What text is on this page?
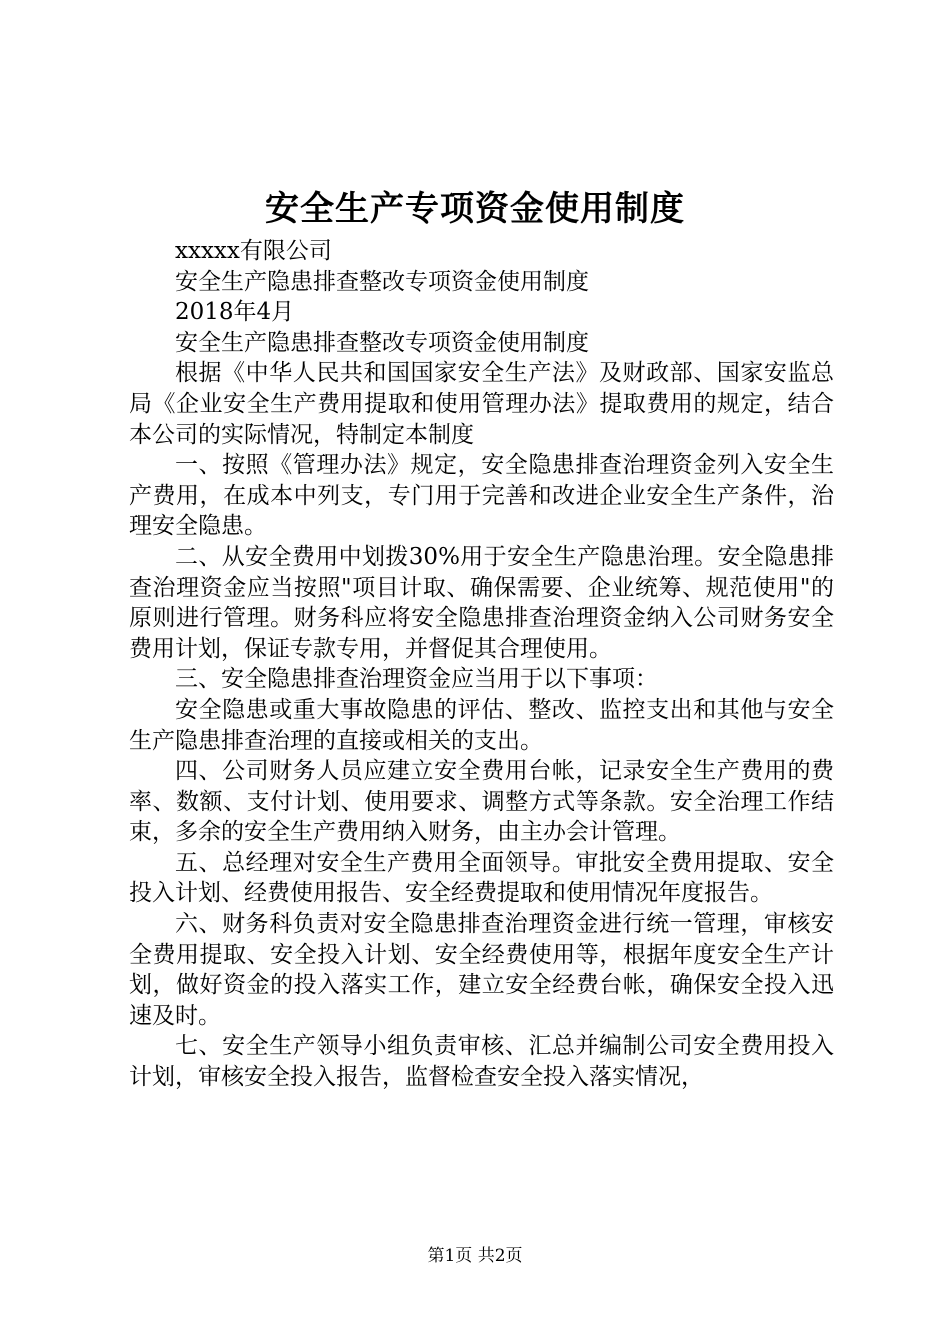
安全生产专项资金使用制度

xxxxx有限公司

安全生产隐患排查整改专项资金使用制度

2018年4月

安全生产隐患排查整改专项资金使用制度

根据《中华人民共和国国家安全生产法》及财政部、国家安监总局《企业安全生产费用提取和使用管理办法》提取费用的规定，结合本公司的实际情况，特制定本制度

一、按照《管理办法》规定，安全隐患排查治理资金列入安全生产费用，在成本中列支，专门用于完善和改进企业安全生产条件，治理安全隐患。

二、从安全费用中划拨30%用于安全生产隐患治理。安全隐患排查治理资金应当按照"项目计取、确保需要、企业统筹、规范使用"的原则进行管理。财务科应将安全隐患排查治理资金纳入公司财务安全费用计划，保证专款专用，并督促其合理使用。

三、安全隐患排查治理资金应当用于以下事项：

安全隐患或重大事故隐患的评估、整改、监控支出和其他与安全生产隐患排查治理的直接或相关的支出。

四、公司财务人员应建立安全费用台帐，记录安全生产费用的费率、数额、支付计划、使用要求、调整方式等条款。安全治理工作结束，多余的安全生产费用纳入财务，由主办会计管理。

五、总经理对安全生产费用全面领导。审批安全费用提取、安全投入计划、经费使用报告、安全经费提取和使用情况年度报告。

六、财务科负责对安全隐患排查治理资金进行统一管理，审核安全费用提取、安全投入计划、安全经费使用等，根据年度安全生产计划，做好资金的投入落实工作，建立安全经费台帐，确保安全投入迅速及时。

七、安全生产领导小组负责审核、汇总并编制公司安全费用投入计划，审核安全投入报告，监督检查安全投入落实情况，

第1页 共2页
